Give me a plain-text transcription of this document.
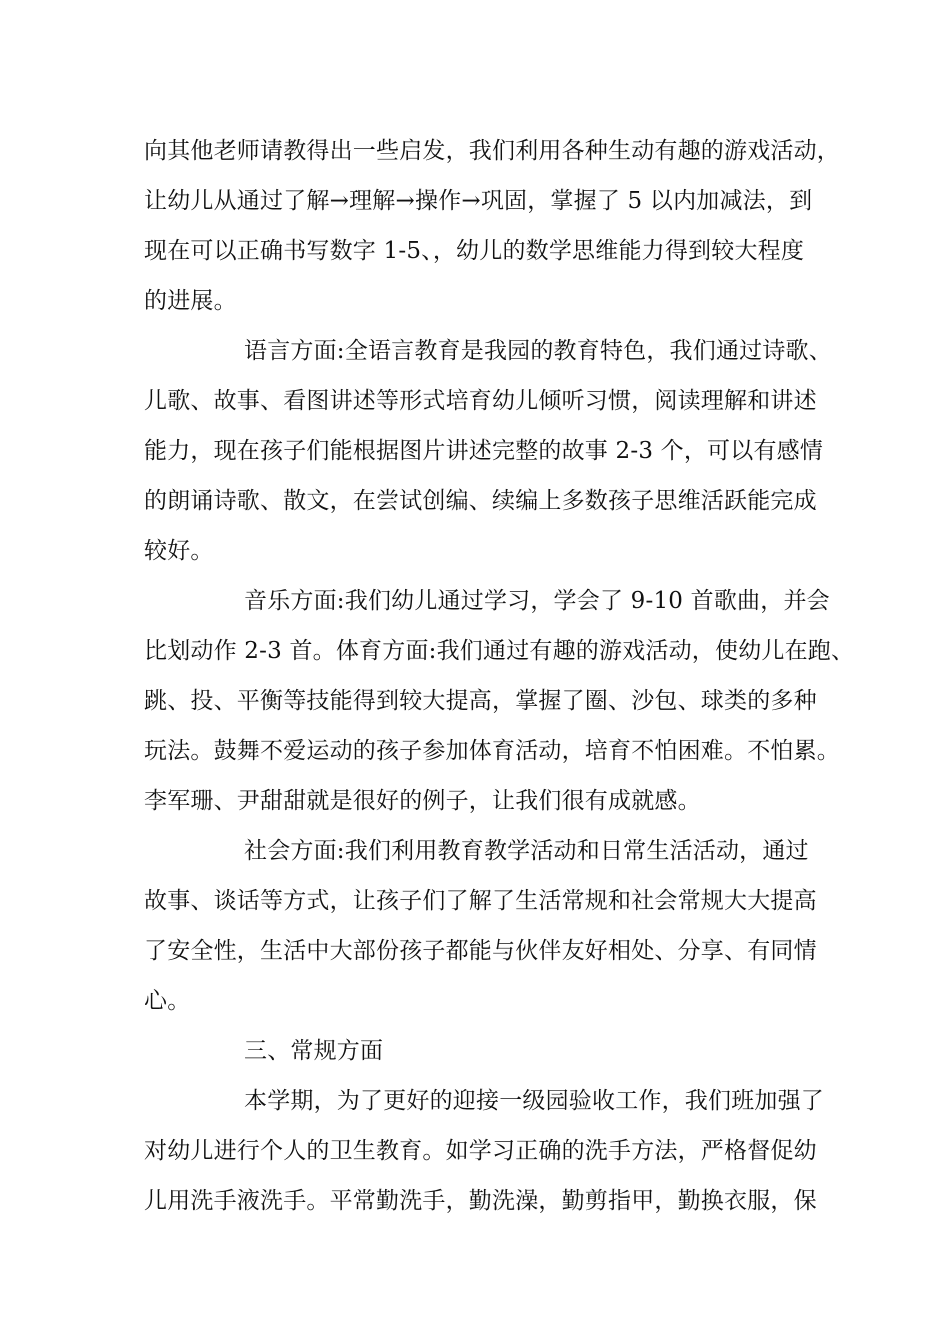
向其他老师请教得出一些启发，我们利用各种生动有趣的游戏活动，

让幼儿从通过了解→理解→操作→巩固，掌握了 5 以内加减法，到

现在可以正确书写数字 1-5、，幼儿的数学思维能力得到较大程度

的进展。

语言方面:全语言教育是我园的教育特色，我们通过诗歌、

儿歌、故事、看图讲述等形式培育幼儿倾听习惯，阅读理解和讲述

能力，现在孩子们能根据图片讲述完整的故事 2-3 个，可以有感情

的朗诵诗歌、散文，在尝试创编、续编上多数孩子思维活跃能完成

较好。

音乐方面:我们幼儿通过学习，学会了 9-10 首歌曲，并会

比划动作 2-3 首。体育方面:我们通过有趣的游戏活动，使幼儿在跑、

跳、投、平衡等技能得到较大提高，掌握了圈、沙包、球类的多种

玩法。鼓舞不爱运动的孩子参加体育活动，培育不怕困难。不怕累。

李军珊、尹甜甜就是很好的例子，让我们很有成就感。

社会方面:我们利用教育教学活动和日常生活活动，通过

故事、谈话等方式，让孩子们了解了生活常规和社会常规大大提高

了安全性，生活中大部份孩子都能与伙伴友好相处、分享、有同情

心。

三、常规方面

本学期，为了更好的迎接一级园验收工作，我们班加强了

对幼儿进行个人的卫生教育。如学习正确的洗手方法，严格督促幼

儿用洗手液洗手。平常勤洗手，勤洗澡，勤剪指甲，勤换衣服，保
